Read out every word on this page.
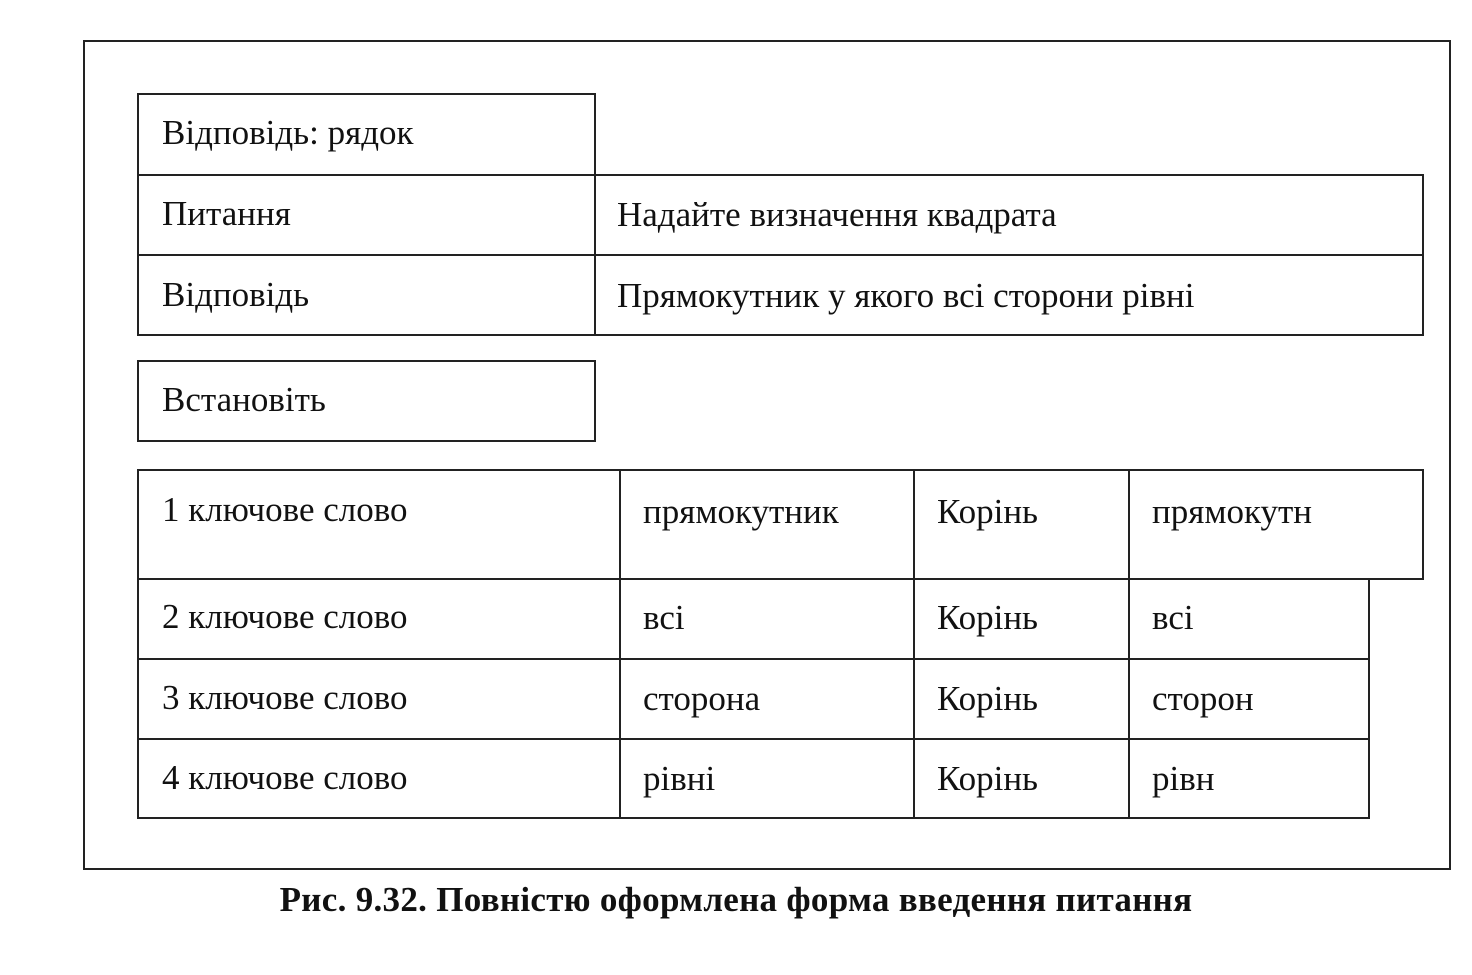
Відповідь: рядок
Питання	Надайте визначення квадрата
Відповідь	Прямокутник у якого всі сторони рівні
Встановіть
1 ключове слово	прямокутник	Корінь	прямокутн
2 ключове слово	всі	Корінь	всі
3 ключове слово	сторона	Корінь	сторон
4 ключове слово	рівні	Корінь	рівн
Рис. 9.32. Повністю оформлена форма введення питання
